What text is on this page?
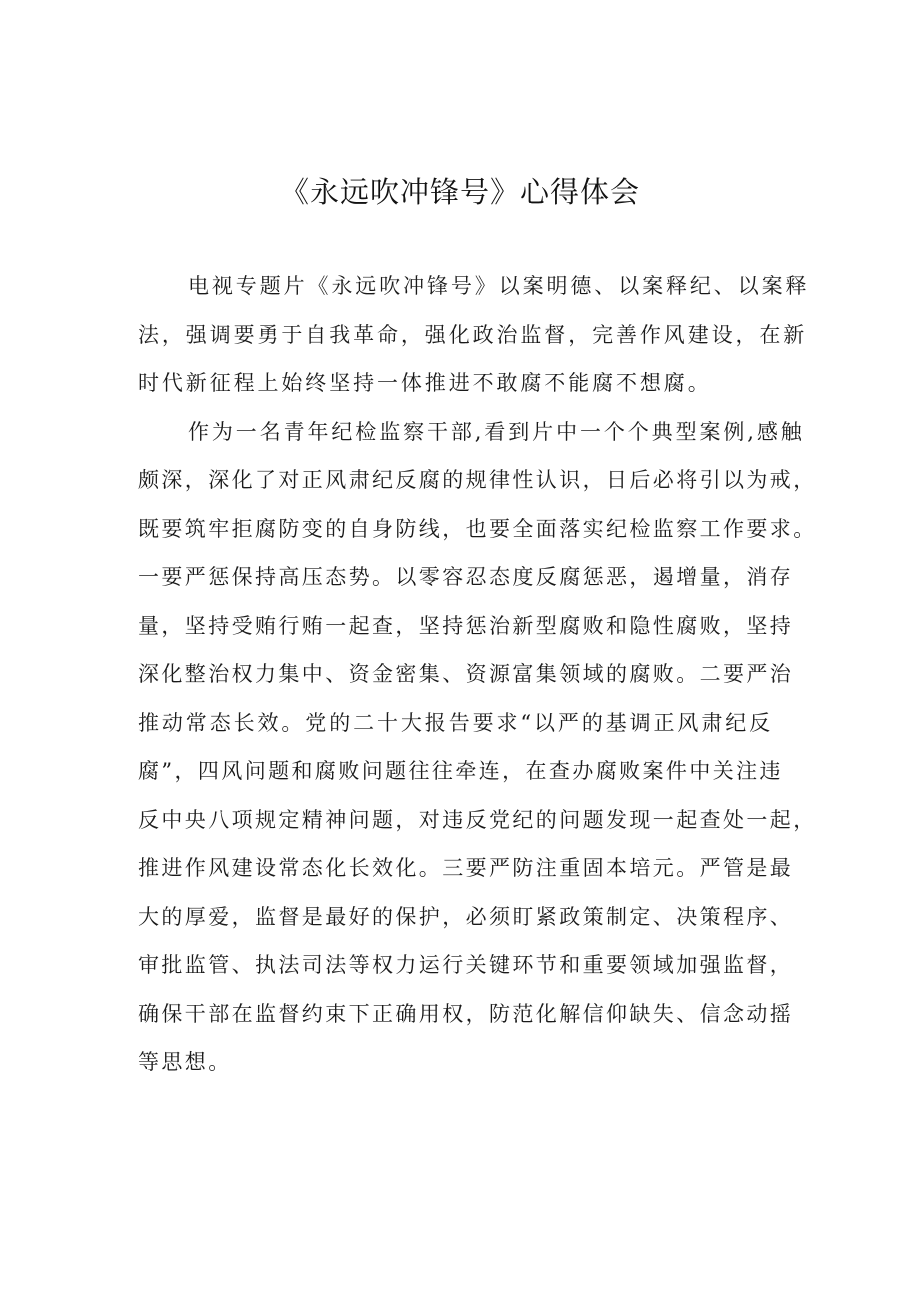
《永远吹冲锋号》心得体会
电视专题片《永远吹冲锋号》以案明德、以案释纪、以案释
法，强调要勇于自我革命，强化政治监督，完善作风建设，在新
时代新征程上始终坚持一体推进不敢腐不能腐不想腐。
作为一名青年纪检监察干部,看到片中一个个典型案例,感触
颇深，深化了对正风肃纪反腐的规律性认识，日后必将引以为戒，
既要筑牢拒腐防变的自身防线，也要全面落实纪检监察工作要求。
一要严惩保持高压态势。以零容忍态度反腐惩恶，遏增量，消存
量，坚持受贿行贿一起查，坚持惩治新型腐败和隐性腐败，坚持
深化整治权力集中、资金密集、资源富集领域的腐败。二要严治
推动常态长效。党的二十大报告要求“以严的基调正风肃纪反
腐”，四风问题和腐败问题往往牵连，在查办腐败案件中关注违
反中央八项规定精神问题，对违反党纪的问题发现一起查处一起，
推进作风建设常态化长效化。三要严防注重固本培元。严管是最
大的厚爱，监督是最好的保护，必须盯紧政策制定、决策程序、
审批监管、执法司法等权力运行关键环节和重要领域加强监督，
确保干部在监督约束下正确用权，防范化解信仰缺失、信念动摇
等思想。
